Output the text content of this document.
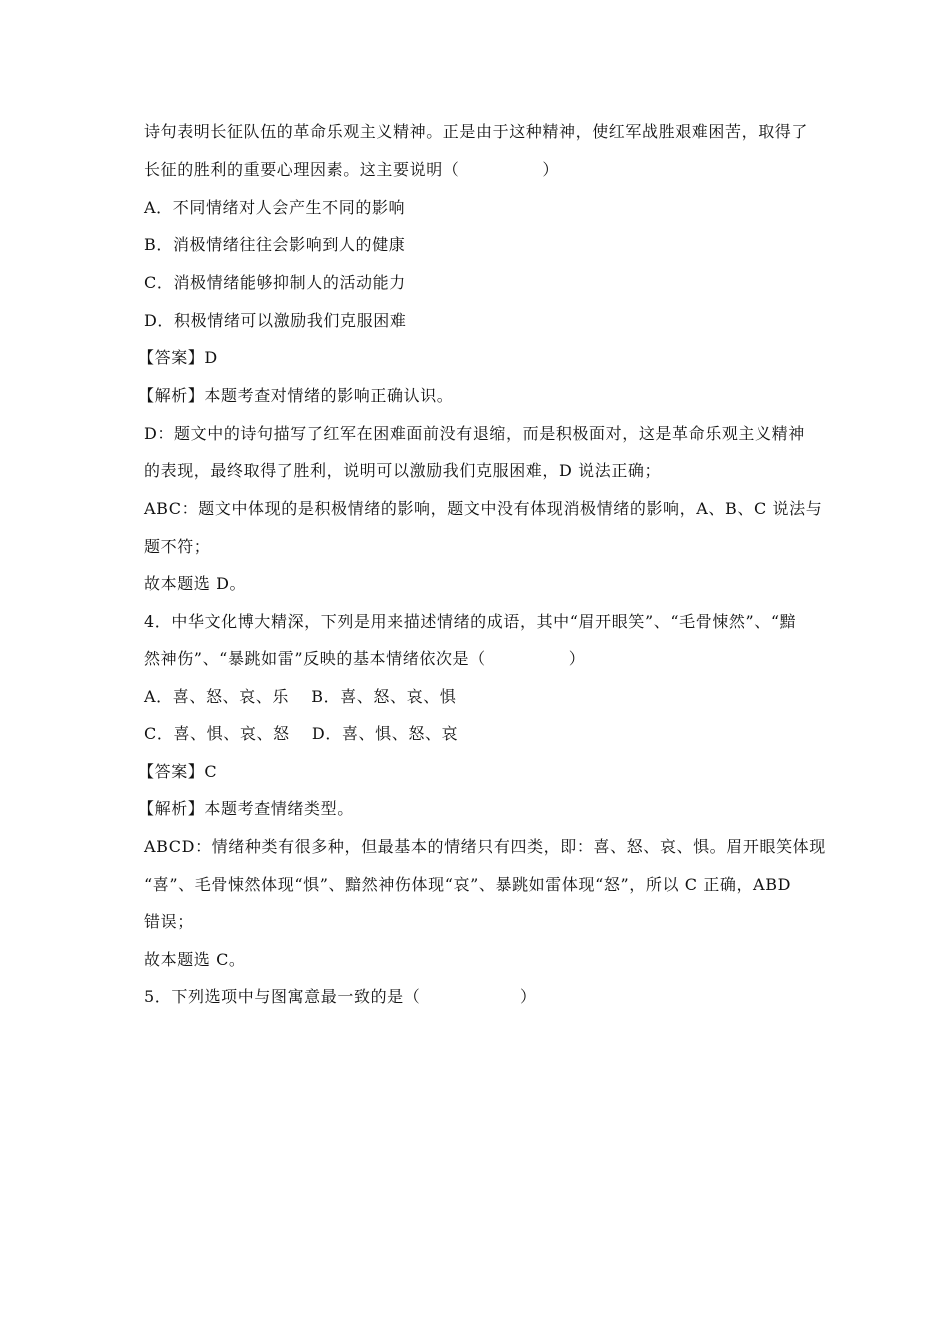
诗句表明长征队伍的革命乐观主义精神。正是由于这种精神，使红军战胜艰难困苦，取得了
长征的胜利的重要心理因素。这主要说明（　　　　　）
A．不同情绪对人会产生不同的影响
B．消极情绪往往会影响到人的健康
C．消极情绪能够抑制人的活动能力
D．积极情绪可以激励我们克服困难
【答案】D
【解析】本题考查对情绪的影响正确认识。
D：题文中的诗句描写了红军在困难面前没有退缩，而是积极面对，这是革命乐观主义精神
的表现，最终取得了胜利，说明可以激励我们克服困难，D 说法正确；
ABC：题文中体现的是积极情绪的影响，题文中没有体现消极情绪的影响，A、B、C 说法与
题不符；
故本题选 D。
4．中华文化博大精深，下列是用来描述情绪的成语，其中“眉开眼笑”、“毛骨悚然”、“黯
然神伤”、“暴跳如雷”反映的基本情绪依次是（　　　　　）
A．喜、怒、哀、乐　 B．喜、怒、哀、惧
C．喜、惧、哀、怒　 D．喜、惧、怒、哀
【答案】C
【解析】本题考查情绪类型。
ABCD：情绪种类有很多种，但最基本的情绪只有四类，即：喜、怒、哀、惧。眉开眼笑体现
“喜”、毛骨悚然体现“惧”、黯然神伤体现“哀”、暴跳如雷体现“怒”，所以 C 正确，ABD
错误；
故本题选 C。
5．下列选项中与图寓意最一致的是（　　　　　　）
